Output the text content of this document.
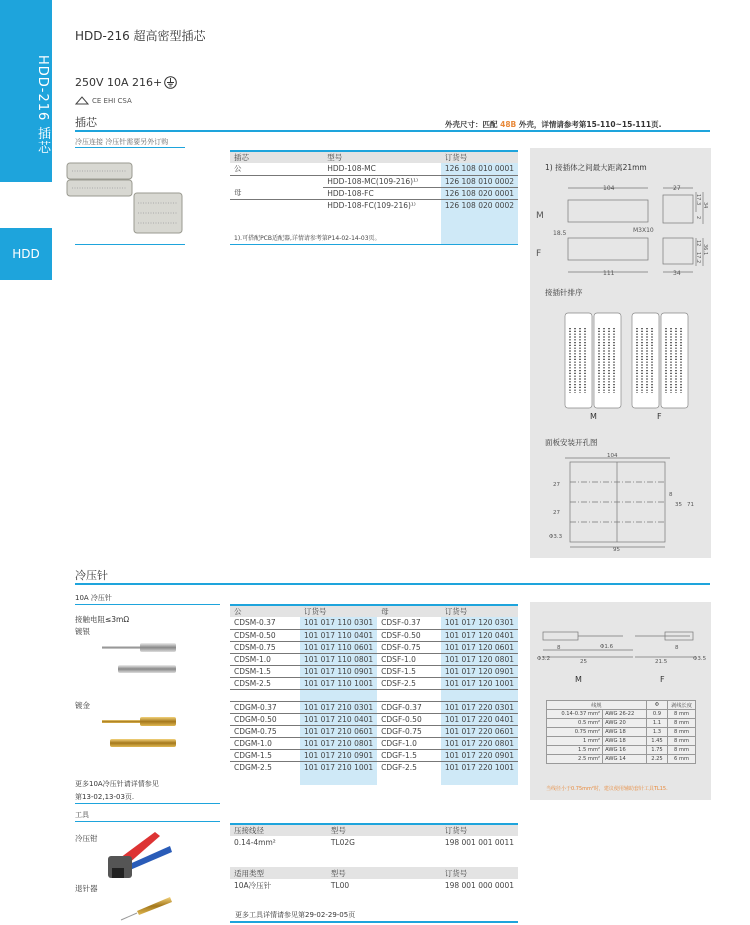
HDD-216 插芯
HDD
HDD-216 超高密型插芯
250V 10A 216+
CE EHI CSA
插芯	外壳尺寸：匹配 48B 外壳，详情请参考第15-110~15-111页.
冷压连接 冷压针需要另外订购
插芯	型号	订货号
公	HDD-108-MC	126 108 010 0001
	HDD-108-MC(109-216)¹⁾	126 108 010 0002
母	HDD-108-FC	126 108 020 0001
	HDD-108-FC(109-216)¹⁾	126 108 020 0002
1).可搭配PCB适配器,详情请参考第P14-02-14-03页。		
1) 接插体之间最大距离21mm
104	27
111	34
18.5	M3X10
17.3
34
2
12
17.2
36.1
M
F
接插针排序
M	F
面板安装开孔图
104
27
27
Φ3.3
95
8
35 71
冷压针
10A 冷压针
接触电阻≤3mΩ
镀银
镀金
更多10A冷压针请详情参见
第13-02,13-03页.
公	订货号	母	订货号
CDSM-0.37	101 017 110 0301	CDSF-0.37	101 017 120 0301
CDSM-0.50	101 017 110 0401	CDSF-0.50	101 017 120 0401
CDSM-0.75	101 017 110 0601	CDSF-0.75	101 017 120 0601
CDSM-1.0	101 017 110 0801	CDSF-1.0	101 017 120 0801
CDSM-1.5	101 017 110 0901	CDSF-1.5	101 017 120 0901
CDSM-2.5	101 017 110 1001	CDSF-2.5	101 017 120 1001

CDGM-0.37	101 017 210 0301	CDGF-0.37	101 017 220 0301
CDGM-0.50	101 017 210 0401	CDGF-0.50	101 017 220 0401
CDGM-0.75	101 017 210 0601	CDGF-0.75	101 017 220 0601
CDGM-1.0	101 017 210 0801	CDGF-1.0	101 017 220 0801
CDGM-1.5	101 017 210 0901	CDGF-1.5	101 017 220 0901
CDGM-2.5	101 017 210 1001	CDGF-2.5	101 017 220 1001

Φ3.2
8
25
Φ1.6
21.5
8
Φ3.5
M	F
线规		Φ	剥线长度
0.14-0.37 mm²	AWG 26-22	0.9	8 mm
0.5 mm²	AWG 20	1.1	8 mm
0.75 mm²	AWG 18	1.3	8 mm
1 mm²	AWG 18	1.45	8 mm
1.5 mm²	AWG 16	1.75	8 mm
2.5 mm²	AWG 14	2.25	6 mm
当线径小于0.75mm²时，建议使用辅助套针工具TL15.
工具
冷压钳
退针器
压接线径	型号	订货号
0.14-4mm²	TL02G	198 001 001 0011
适用类型	型号	订货号
10A冷压针	TL00	198 001 000 0001
更多工具详情请参见第29-02-29-05页
